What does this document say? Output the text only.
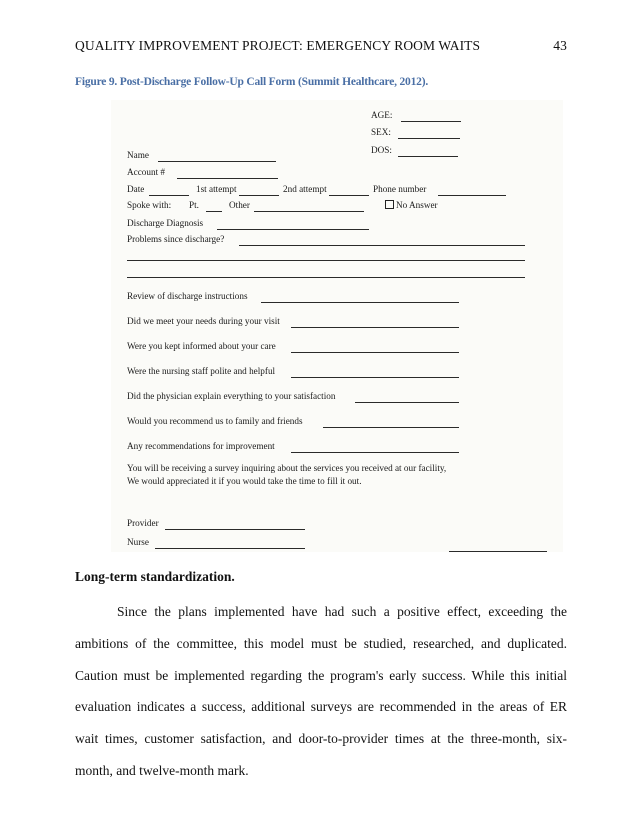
QUALITY IMPROVEMENT PROJECT: EMERGENCY ROOM WAITS	43
Figure 9. Post-Discharge Follow-Up Call Form (Summit Healthcare, 2012).
AGE:
SEX:
DOS:
Name
Account #
Date	1st attempt	2nd attempt	Phone number
Spoke with: Pt.	Other	No Answer
Discharge Diagnosis
Problems since discharge?
Review of discharge instructions
Did we meet your needs during your visit
Were you kept informed about your care
Were the nursing staff polite and helpful
Did the physician explain everything to your satisfaction
Would you recommend us to family and friends
Any recommendations for improvement
You will be receiving a survey inquiring about the services you received at our facility,
We would appreciated it if you would take the time to fill it out.
Provider
Nurse
Long-term standardization.

Since the plans implemented have had such a positive effect, exceeding the ambitions of the committee, this model must be studied, researched, and duplicated. Caution must be implemented regarding the program's early success. While this initial evaluation indicates a success, additional surveys are recommended in the areas of ER wait times, customer satisfaction, and door-to-provider times at the three-month, six-month, and twelve-month mark.
